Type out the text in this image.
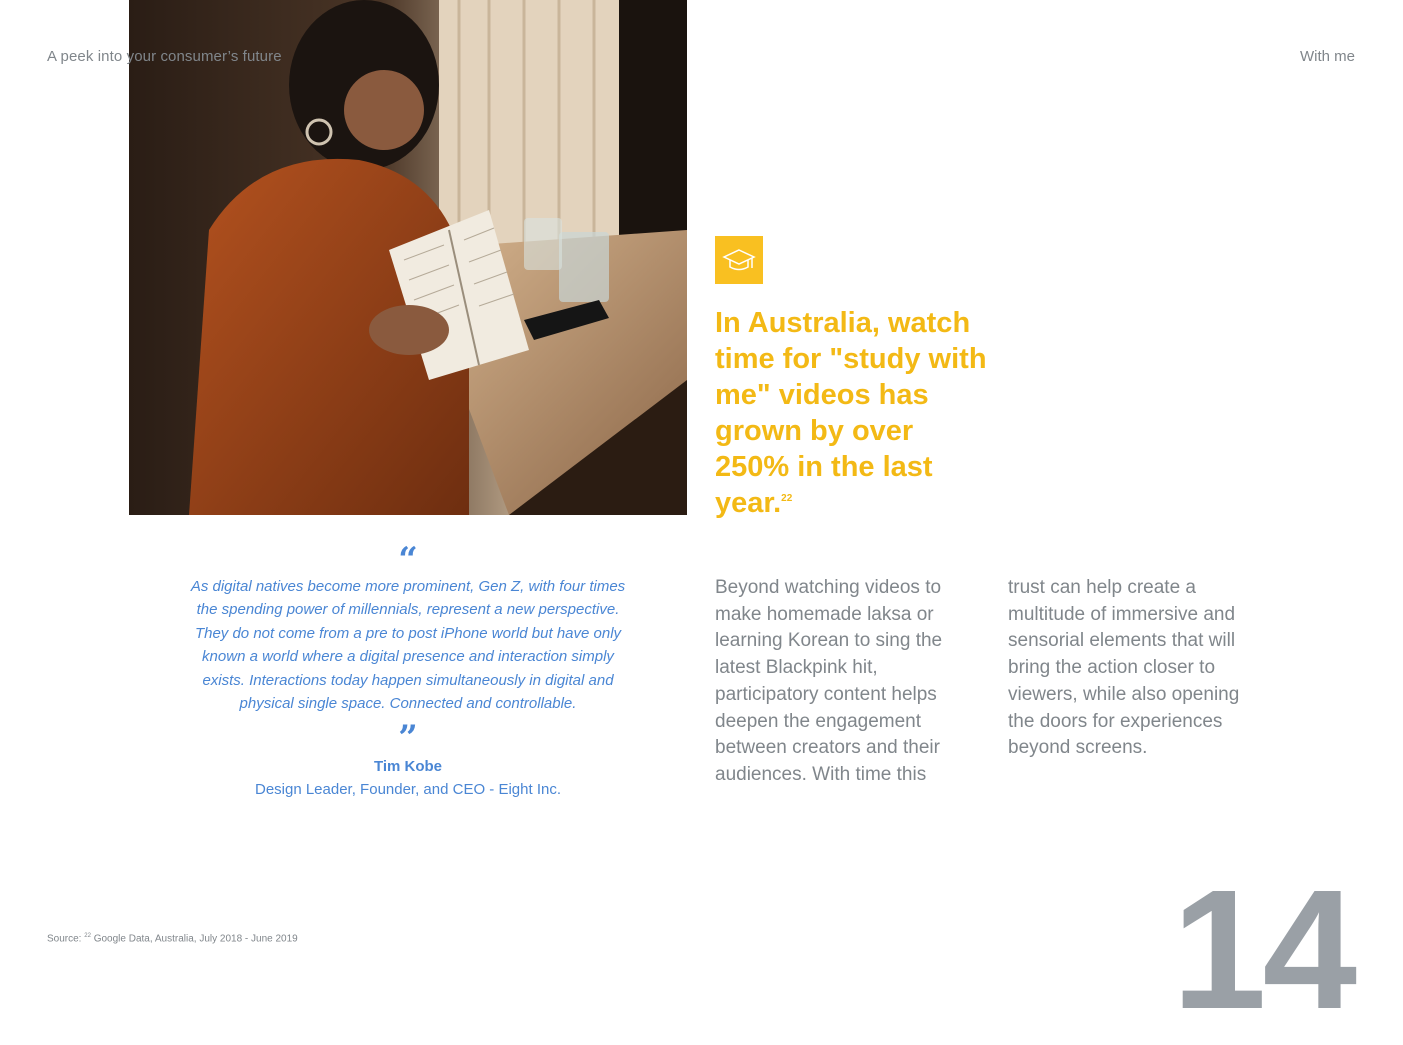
A peek into your consumer’s future	With me
In Australia, watch time for "study with me" videos has grown by over 250% in the last year.$^{22}$
“
As digital natives become more prominent, Gen Z, with four times the spending power of millennials, represent a new perspective. They do not come from a pre to post iPhone world but have only known a world where a digital presence and interaction simply exists. Interactions today happen simultaneously in digital and physical single space. Connected and controllable.
”
Tim Kobe
Design Leader, Founder, and CEO - Eight Inc.
Beyond watching videos to make homemade laksa or learning Korean to sing the latest Blackpink hit, participatory content helps deepen the engagement between creators and their audiences. With time this
trust can help create a multitude of immersive and sensorial elements that will bring the action closer to viewers, while also opening the doors for experiences beyond screens.
Source: $^{22}$ Google Data, Australia, July 2018 - June 2019	14
